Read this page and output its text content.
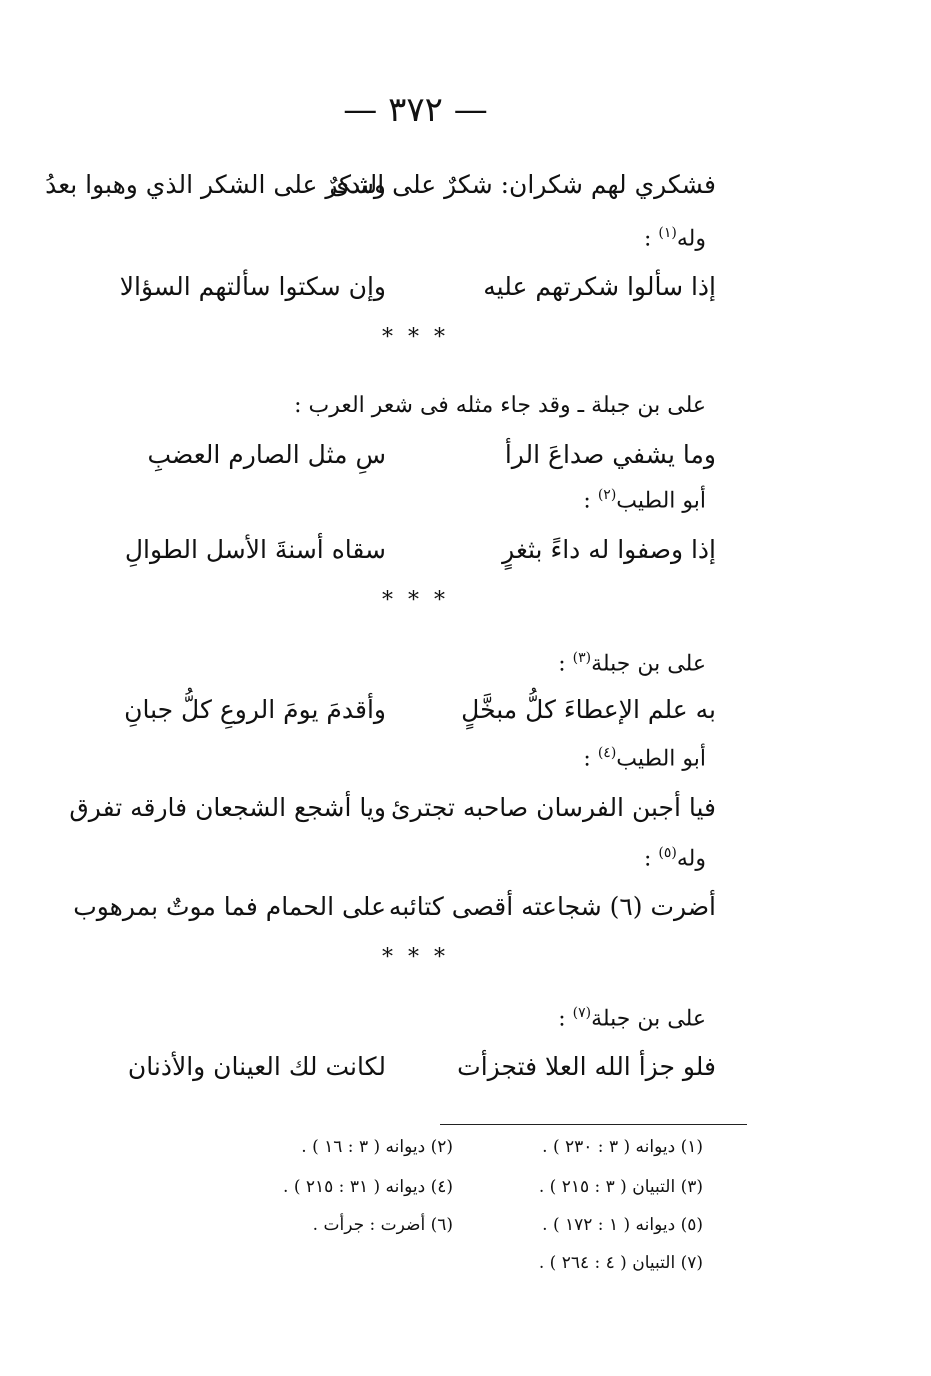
— ٣٧٢ —
فشكري لهم شكران: شكرٌ على الندى
وشكرٌ على الشكر الذي وهبوا بعدُ
وله$^{(١)}$ :
إذا سألوا شكرتهم عليه
وإن سكتوا سألتهم السؤالا
* * *
على بن جبلة ـ وقد جاء مثله فى شعر العرب :
وما يشفي صداعَ الرأ
سِ مثل الصارم العضبِ
أبو الطيب$^{(٢)}$ :
إذا وصفوا له داءً بثغرٍ
سقاه أسنةَ الأسل الطوالِ
* * *
على بن جبلة$^{(٣)}$ :
به علم الإعطاءَ كلُّ مبخَّلٍ
وأقدمَ يومَ الروعِ كلُّ جبانِ
أبو الطيب$^{(٤)}$ :
فيا أجبن الفرسان صاحبه تجترئ
ويا أشجع الشجعان فارقه تفرق
وله$^{(٥)}$ :
أضرت (٦) شجاعته أقصى كتائبه
على الحمام فما موتٌ بمرهوب
* * *
على بن جبلة$^{(٧)}$ :
فلو جزأ الله العلا فتجزأت
لكانت لك العينان والأذنان
(١) ديوانه ( ٣ : ٢٣٠ ) .
(٢) ديوانه ( ٣ : ١٦ ) .
(٣) التبيان ( ٣ : ٢١٥ ) .
(٤) ديوانه ( ٣١ : ٢١٥ ) .
(٥) ديوانه ( ١ : ١٧٢ ) .
(٦) أضرت : جرأت .
(٧) التبيان ( ٤ : ٢٦٤ ) .
